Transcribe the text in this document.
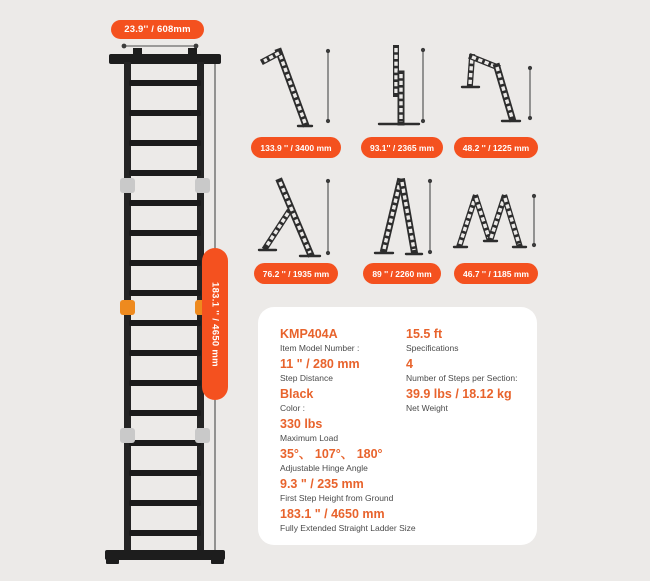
23.9'' / 608mm
183.1 '' / 4650 mm
133.9 '' / 3400 mm	93.1'' / 2365 mm	48.2 '' / 1225 mm
76.2 '' / 1935 mm	89 '' / 2260 mm	46.7 '' / 1185 mm
KMP404A
Item Model Number :
11 " / 280 mm
Step Distance
Black
Color :
330 lbs
Maximum Load
35°、 107°、 180°
Adjustable Hinge Angle
9.3 " / 235 mm
First Step Height from Ground
183.1 " / 4650 mm
Fully Extended Straight Ladder Size
15.5 ft
Specifications
4
Number of Steps per Section:
39.9 lbs / 18.12 kg
Net Weight
